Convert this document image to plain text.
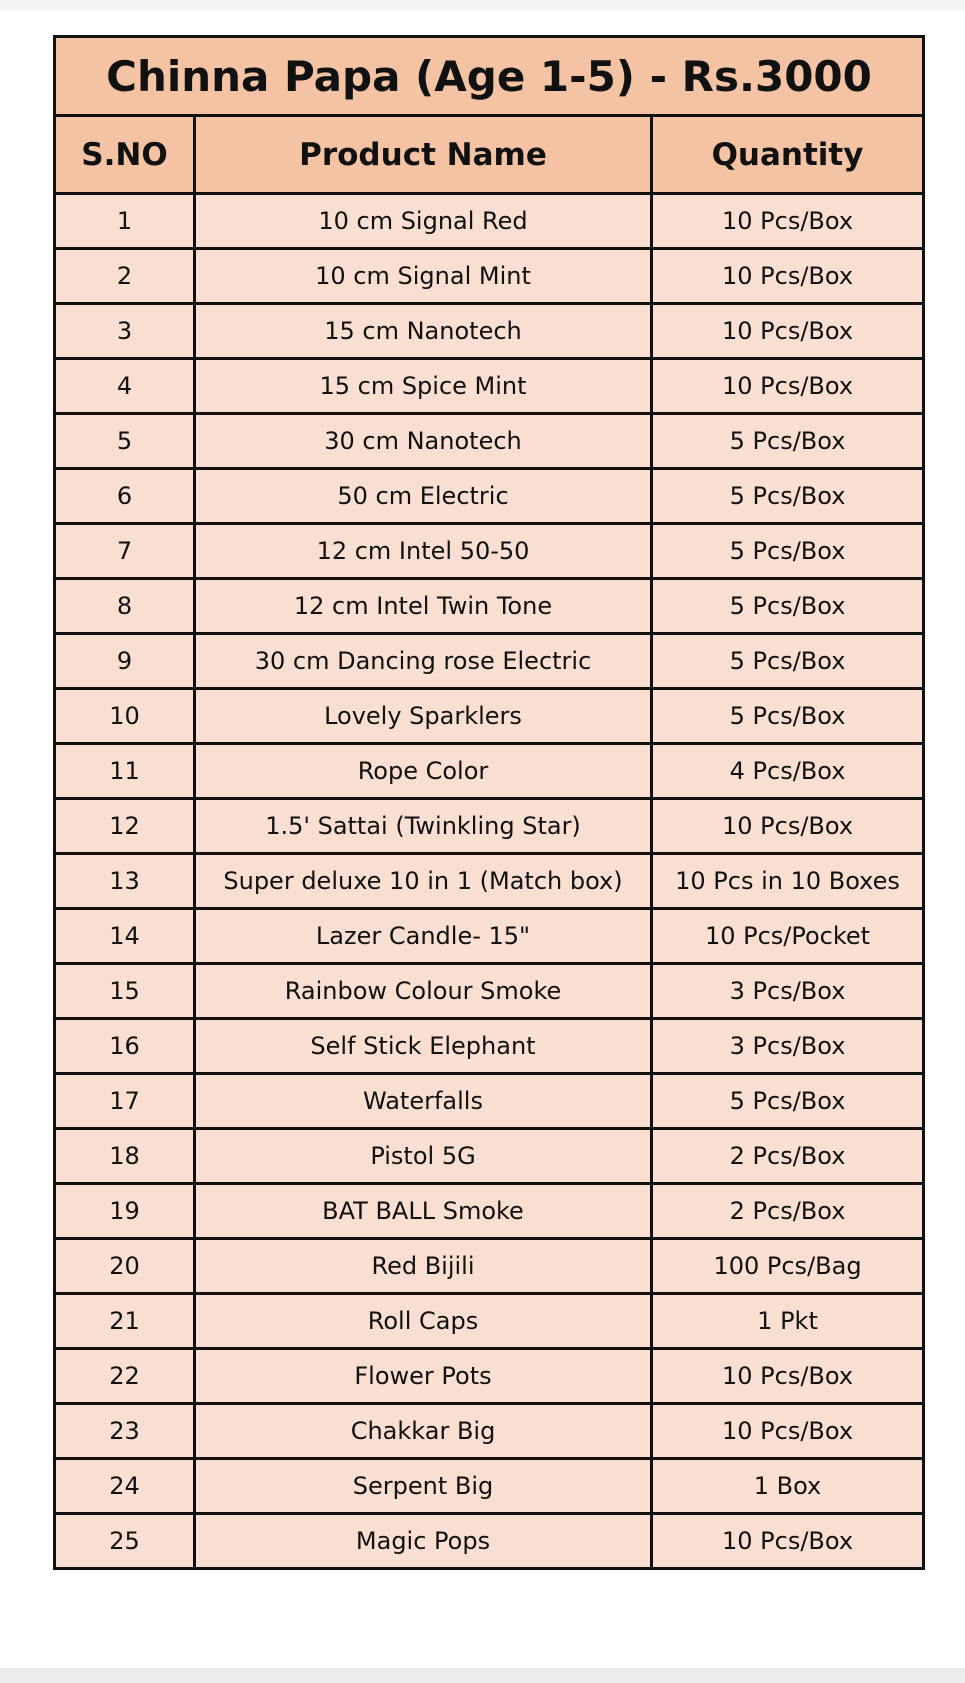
Chinna Papa (Age 1-5) - Rs.3000		
S.NO	Product Name	Quantity
1	10 cm Signal Red	10 Pcs/Box
2	10 cm Signal Mint	10 Pcs/Box
3	15 cm Nanotech	10 Pcs/Box
4	15 cm Spice Mint	10 Pcs/Box
5	30 cm Nanotech	5 Pcs/Box
6	50 cm Electric	5 Pcs/Box
7	12 cm Intel 50-50	5 Pcs/Box
8	12 cm Intel Twin Tone	5 Pcs/Box
9	30 cm Dancing rose Electric	5 Pcs/Box
10	Lovely Sparklers	5 Pcs/Box
11	Rope Color	4 Pcs/Box
12	1.5' Sattai (Twinkling Star)	10 Pcs/Box
13	Super deluxe 10 in 1 (Match box)	10 Pcs in 10 Boxes
14	Lazer Candle- 15"	10 Pcs/Pocket
15	Rainbow Colour Smoke	3 Pcs/Box
16	Self Stick Elephant	3 Pcs/Box
17	Waterfalls	5 Pcs/Box
18	Pistol 5G	2 Pcs/Box
19	BAT BALL Smoke	2 Pcs/Box
20	Red Bijili	100 Pcs/Bag
21	Roll Caps	1 Pkt
22	Flower Pots	10 Pcs/Box
23	Chakkar Big	10 Pcs/Box
24	Serpent Big	1 Box
25	Magic Pops	10 Pcs/Box
